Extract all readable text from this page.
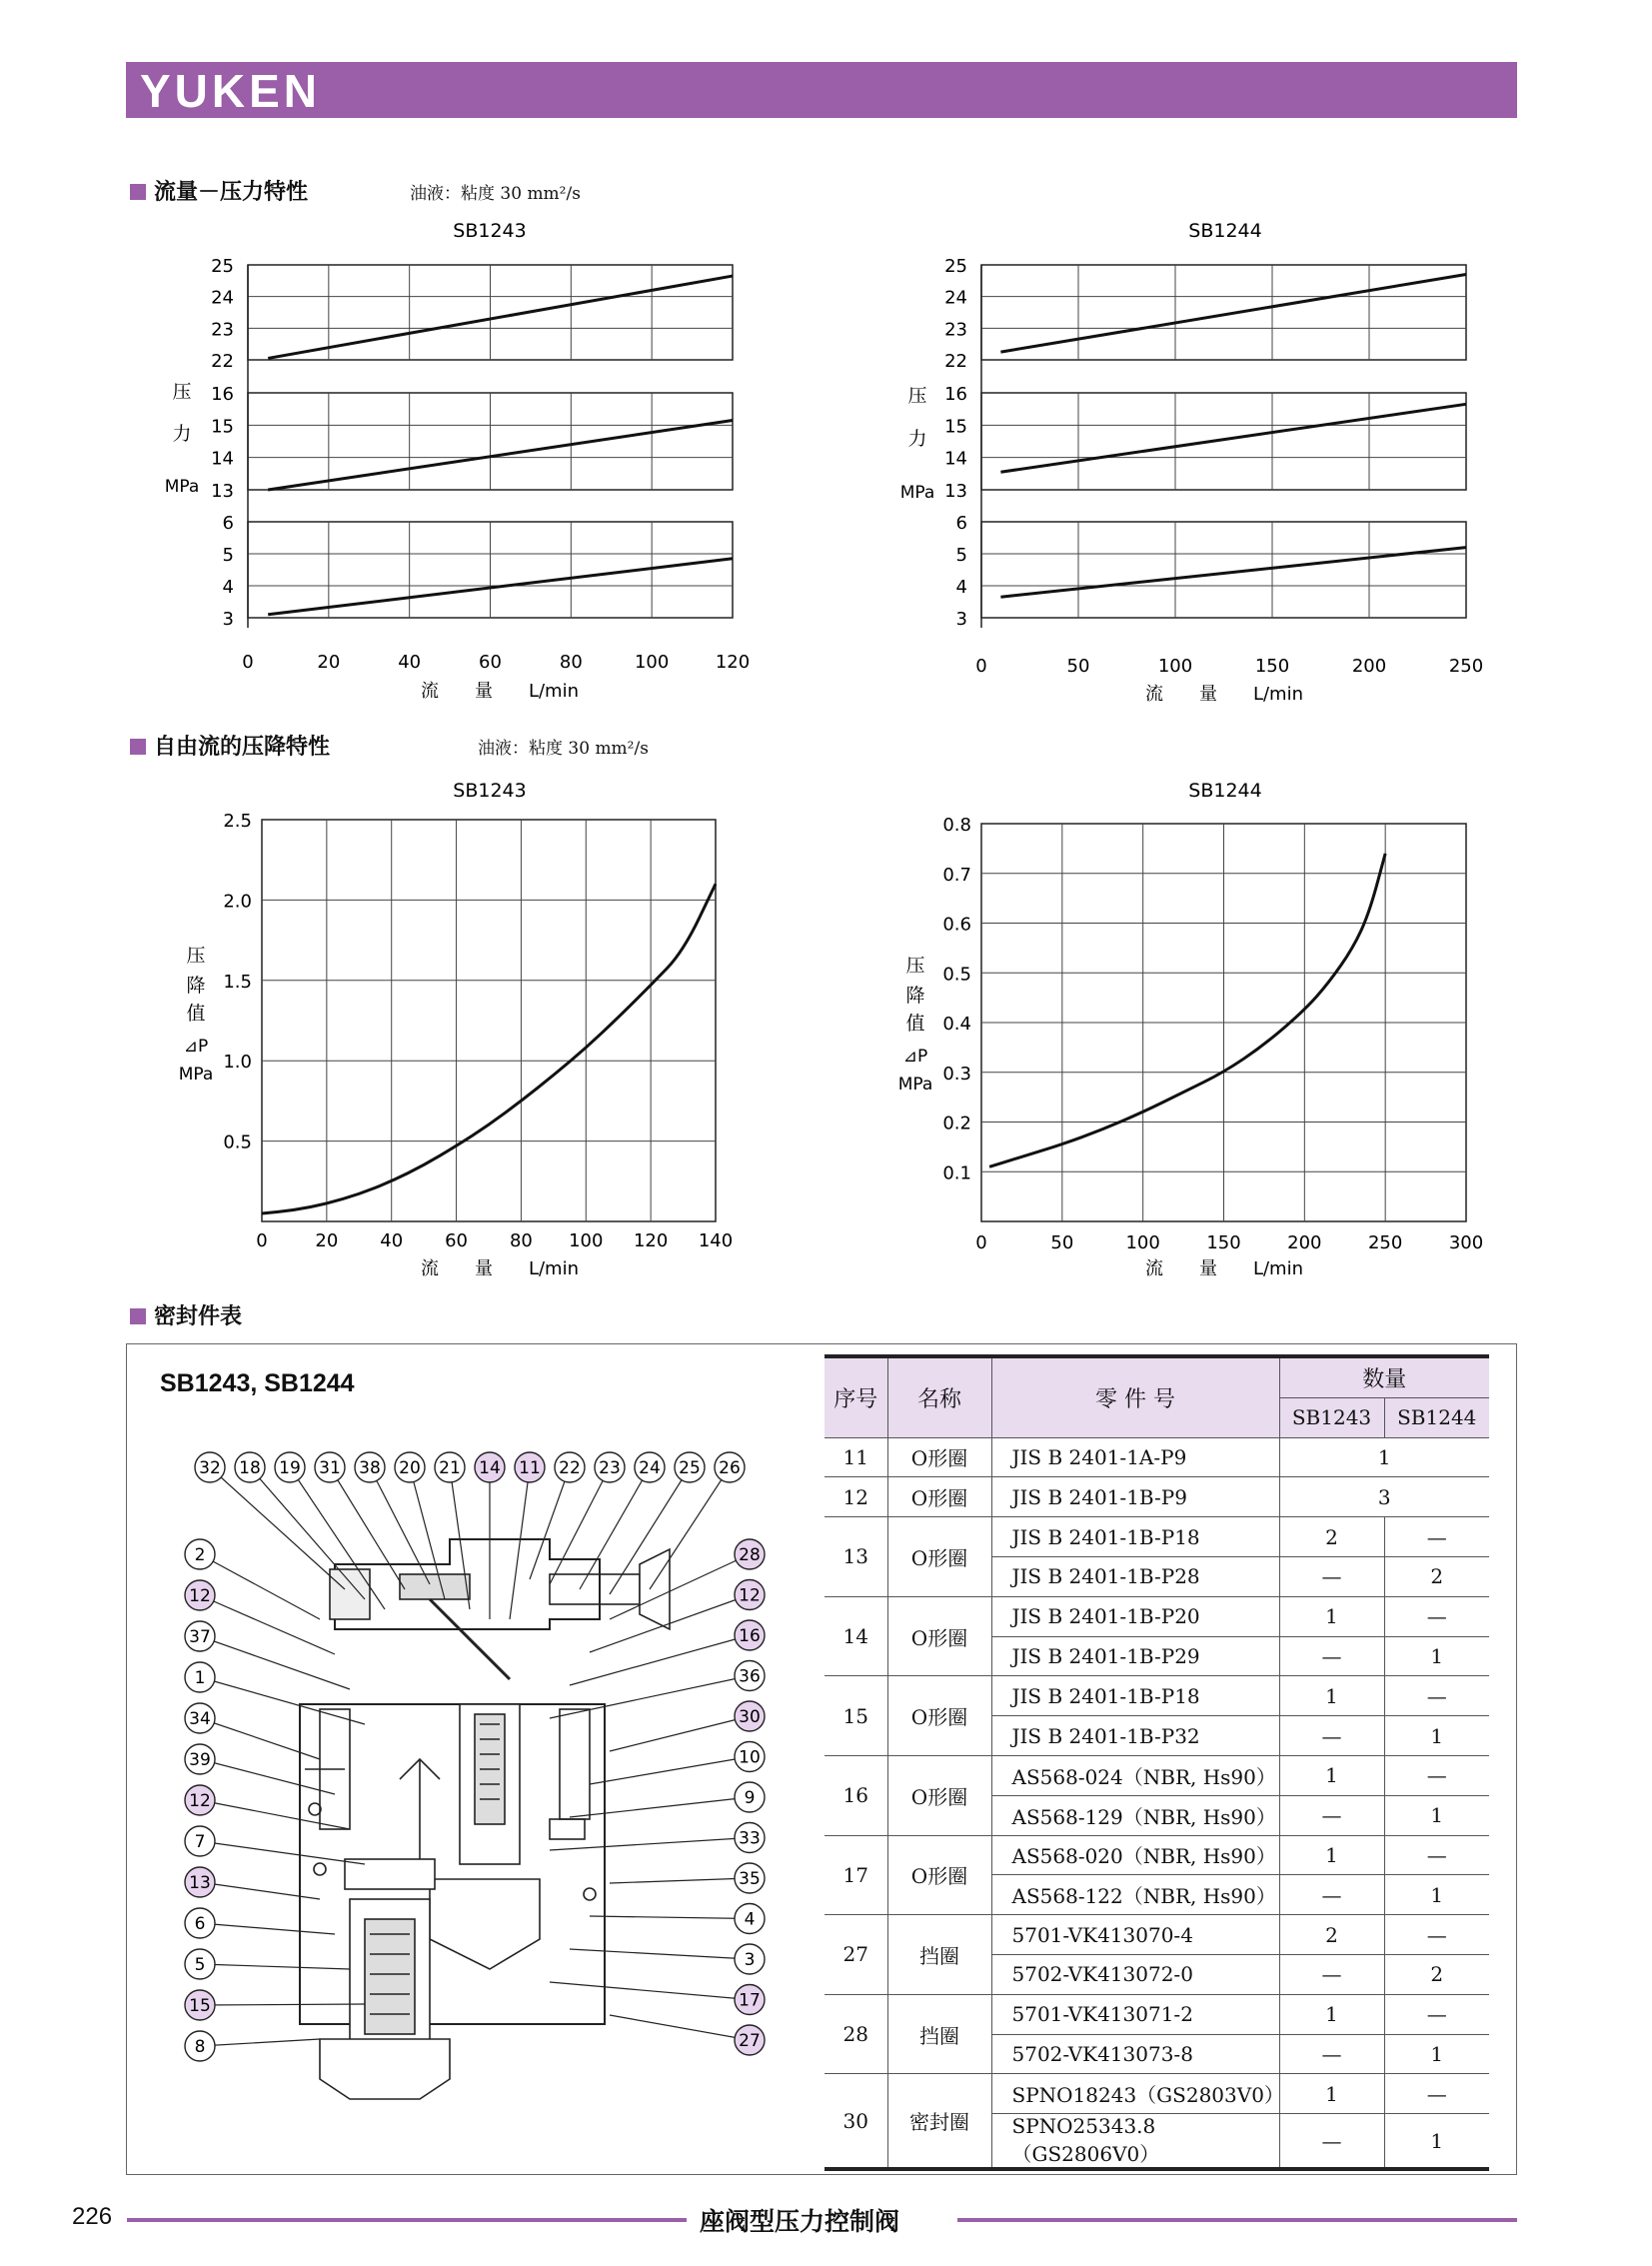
YUKEN
流量－压力特性	油液：粘度 30 mm²/s
自由流的压降特性	油液：粘度 30 mm²/s
密封件表
SB1243
22
23
24
25
13
14
15
16
3
4
5
6
0	20	40	60	80	100	120
SB1244
22
23
24
25
13
14
15
16
3
4
5
6
0	50	100	150	200	250
SB1243
0	20 40 60 80 100 120 140
0.5
1.0
1.5
2.0
2.5
SB1244
0	50	100	150	200	250	300
0.1
0.2
0.3
0.4
0.5
0.6
0.7
0.8
压
力
MPa
压
力
MPa
压
降
值
⊿P
MPa
压
降
值
⊿P
MPa
流　　量　　L/min	流　　量　　L/min
流　　量　　L/min	流　　量　　L/min
SB1243, SB1244
32 18 19 31 38 20 21 14 11 22 23 24 25 26
2
12
37
1
34
39
12
7
13
6
5
15
8
28
12
16
36
30
10
9
33
35
4
3
17
27
序号	名称	零 件 号	数量	
			SB1243	SB1244
11	O形圈	JIS B 2401-1A-P9	1	
12	O形圈	JIS B 2401-1B-P9	3	
13	O形圈	JIS B 2401-1B-P18	2	—
		JIS B 2401-1B-P28	—	2
14	O形圈	JIS B 2401-1B-P20	1	—
		JIS B 2401-1B-P29	—	1
15	O形圈	JIS B 2401-1B-P18	1	—
		JIS B 2401-1B-P32	—	1
16	O形圈	AS568-024（NBR, Hs90）	1	—
		AS568-129（NBR, Hs90）	—	1
17	O形圈	AS568-020（NBR, Hs90）	1	—
		AS568-122（NBR, Hs90）	—	1
27	挡圈	5701-VK413070-4	2	—
		5702-VK413072-0	—	2
28	挡圈	5701-VK413071-2	1	—
		5702-VK413073-8	—	1
30	密封圈	SPNO18243（GS2803V0）	1	—
		SPNO25343.8（GS2806V0）	—	1
226	座阀型压力控制阀
